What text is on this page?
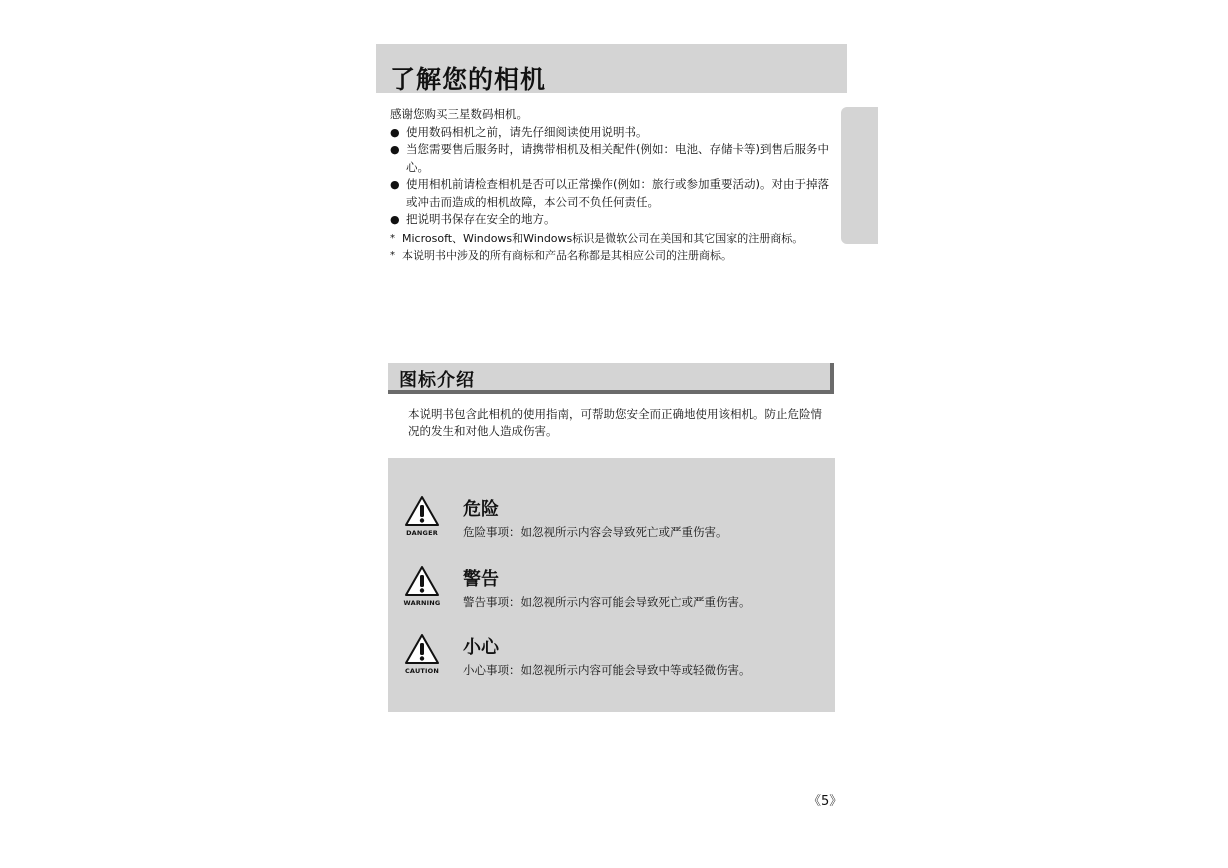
了解您的相机

感谢您购买三星数码相机。

● 使用数码相机之前，请先仔细阅读使用说明书。
● 当您需要售后服务时，请携带相机及相关配件(例如：电池、存储卡等)到售后服务中心。
● 使用相机前请检查相机是否可以正常操作(例如：旅行或参加重要活动)。对由于掉落或冲击而造成的相机故障，本公司不负任何责任。
● 把说明书保存在安全的地方。
* Microsoft、Windows和Windows标识是微软公司在美国和其它国家的注册商标。
* 本说明书中涉及的所有商标和产品名称都是其相应公司的注册商标。
图标介绍
本说明书包含此相机的使用指南，可帮助您安全而正确地使用该相机。防止危险情况的发生和对他人造成伤害。
DANGER
危险
危险事项：如忽视所示内容会导致死亡或严重伤害。
WARNING
警告
警告事项：如忽视所示内容可能会导致死亡或严重伤害。
CAUTION
小心
小心事项：如忽视所示内容可能会导致中等或轻微伤害。
《5》
